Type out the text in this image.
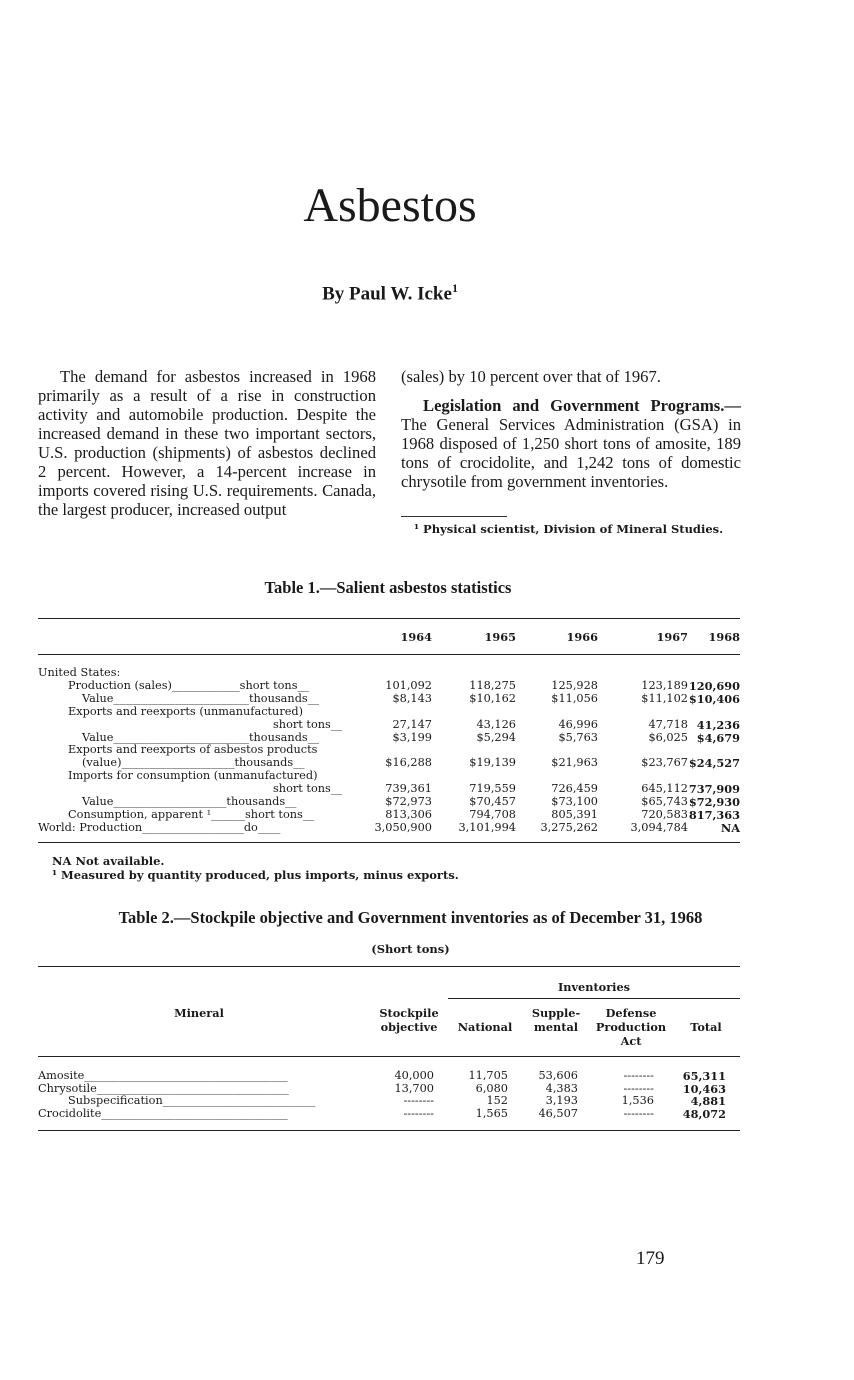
Asbestos
By Paul W. Icke$^1$

The demand for asbestos increased in 1968 primarily as a result of a rise in construction activity and automobile production. Despite the increased demand in these two important sectors, U.S. production (shipments) of asbestos declined 2 percent. However, a 14-percent increase in imports covered rising U.S. requirements. Canada, the largest producer, increased output

(sales) by 10 percent over that of 1967.

Legislation and Government Programs.—The General Services Administration (GSA) in 1968 disposed of 1,250 short tons of amosite, 189 tons of crocidolite, and 1,242 tons of domestic chrysotile from government inventories.

¹ Physical scientist, Division of Mineral Studies.
Table 1.—Salient asbestos statistics
1964	1965	1966	1967	1968
United States:
Production (sales)____________short tons__	101,092	118,275	125,928	123,189 120,690
Value________________________thousands__	$8,143	$10,162	$11,056	$11,102 $10,406
Exports and reexports (unmanufactured)
short tons__	27,147	43,126	46,996	47,718 41,236
Value________________________thousands__	$3,199	$5,294	$5,763	$6,025 $4,679
Exports and reexports of asbestos products
(value)____________________thousands__	$16,288	$19,139	$21,963	$23,767 $24,527
Imports for consumption (unmanufactured)
short tons__	739,361	719,559	726,459	645,112 737,909
Value____________________thousands__	$72,973	$70,457	$73,100	$65,743 $72,930
Consumption, apparent ¹______short tons__	813,306	794,708	805,391	720,583 817,363
World: Production__________________do____	3,050,900	3,101,994	3,275,262	3,094,784	NA
NA Not available.
¹ Measured by quantity produced, plus imports, minus exports.
Table 2.—Stockpile objective and Government inventories as of December 31, 1968
(Short tons)
Mineral	Stockpile
objective
Inventories
National
Supple-
mental
Defense
Production
Act
Total
Amosite____________________________________	40,000	11,705	53,606	--------	65,311
Chrysotile__________________________________	13,700	6,080	4,383	--------	10,463
Subspecification___________________________	--------	152	3,193	1,536	4,881
Crocidolite_________________________________	--------	1,565	46,507	--------	48,072
179
